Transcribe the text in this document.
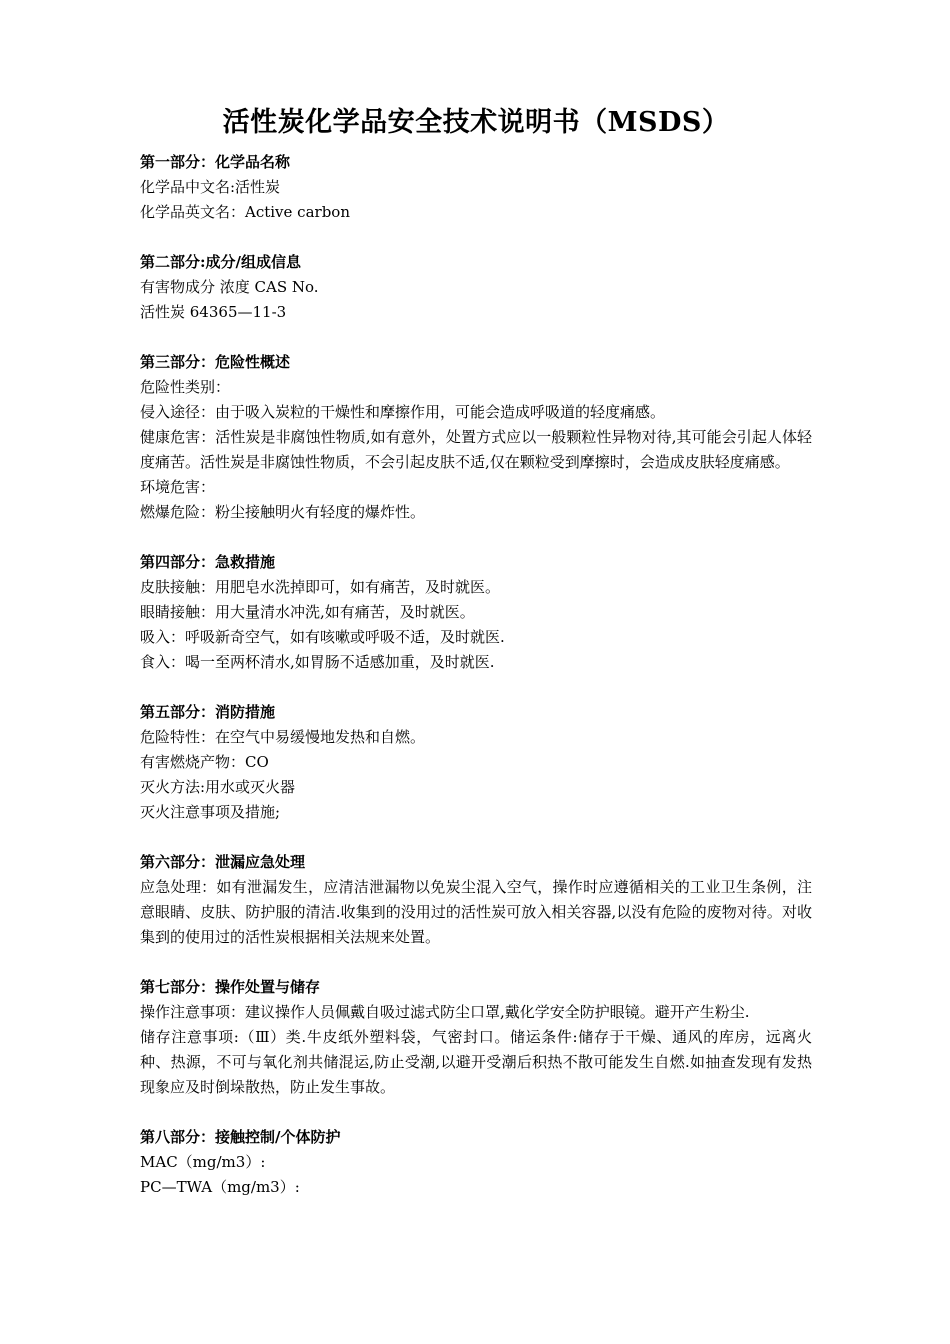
活性炭化学品安全技术说明书（MSDS）

第一部分：化学品名称

化学品中文名:活性炭

化学品英文名：Active carbon

第二部分:成分/组成信息

有害物成分 浓度 CAS No.

活性炭 64365—11-3

第三部分：危险性概述

危险性类别：

侵入途径：由于吸入炭粒的干燥性和摩擦作用，可能会造成呼吸道的轻度痛感。

健康危害：活性炭是非腐蚀性物质,如有意外，处置方式应以一般颗粒性异物对待,其可能会引起人体轻度痛苦。活性炭是非腐蚀性物质，不会引起皮肤不适,仅在颗粒受到摩擦时，会造成皮肤轻度痛感。

环境危害：

燃爆危险：粉尘接触明火有轻度的爆炸性。

第四部分：急救措施

皮肤接触：用肥皂水洗掉即可，如有痛苦，及时就医。

眼睛接触：用大量清水冲洗,如有痛苦，及时就医。

吸入：呼吸新奇空气，如有咳嗽或呼吸不适，及时就医.

食入：喝一至两杯清水,如胃肠不适感加重，及时就医.

第五部分：消防措施

危险特性：在空气中易缓慢地发热和自燃。

有害燃烧产物：CO

灭火方法:用水或灭火器

灭火注意事项及措施;

第六部分：泄漏应急处理

应急处理：如有泄漏发生，应清洁泄漏物以免炭尘混入空气，操作时应遵循相关的工业卫生条例，注意眼睛、皮肤、防护服的清洁.收集到的没用过的活性炭可放入相关容器,以没有危险的废物对待。对收集到的使用过的活性炭根据相关法规来处置。

第七部分：操作处置与储存

操作注意事项：建议操作人员佩戴自吸过滤式防尘口罩,戴化学安全防护眼镜。避开产生粉尘.

储存注意事项:（Ⅲ）类.牛皮纸外塑料袋，气密封口。储运条件:储存于干燥、通风的库房，远离火种、热源，不可与氧化剂共储混运,防止受潮,以避开受潮后积热不散可能发生自燃.如抽查发现有发热现象应及时倒垛散热，防止发生事故。

第八部分：接触控制/个体防护

MAC（mg/m3）:

PC—TWA（mg/m3）:
